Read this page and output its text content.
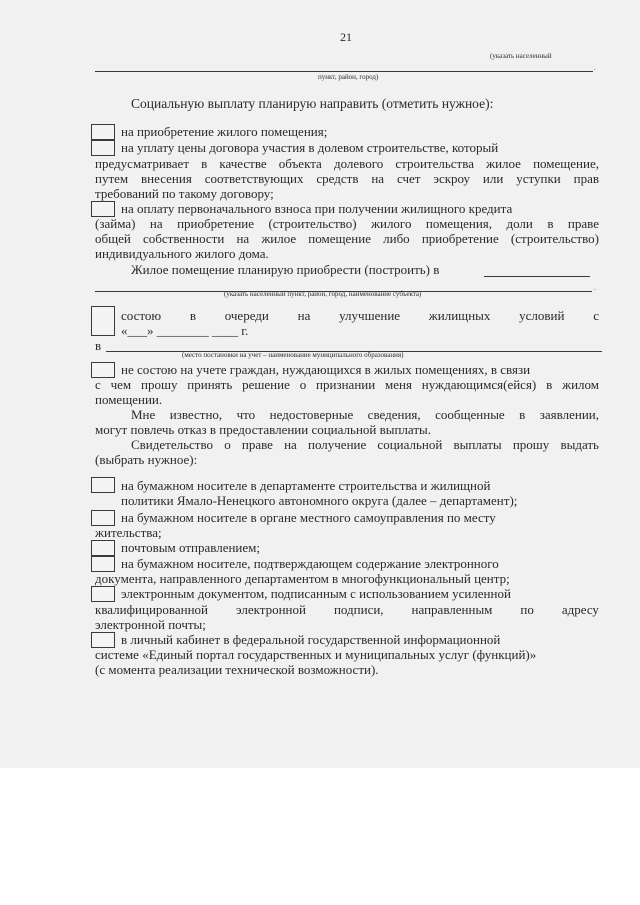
21
(указать населенный
.
пункт, район, город)
Социальную выплату планирую направить (отметить нужное):
на приобретение жилого помещения;
на уплату цены договора участия в долевом строительстве, который
предусматривает в качестве объекта долевого строительства жилое помещение,
путем внесения соответствующих средств на счет эскроу или уступки прав
требований по такому договору;
на оплату первоначального взноса при получении жилищного кредита
(займа) на приобретение (строительство) жилого помещения, доли в праве
общей собственности на жилое помещение либо приобретение (строительство)
индивидуального жилого дома.
Жилое помещение планирую приобрести (построить) в
.
(указать населенный пункт, район, город, наименование субъекта)
состою в очереди на улучшение жилищных условий с
«___» ________ ____ г.
в
(место постановки на учет – наименование муниципального образования)
не состою на учете граждан, нуждающихся в жилых помещениях, в связи
с чем прошу принять решение о признании меня нуждающимся(ейся) в жилом
помещении.
Мне известно, что недостоверные сведения, сообщенные в заявлении,
могут повлечь отказ в предоставлении социальной выплаты.
Свидетельство о праве на получение социальной выплаты прошу выдать
(выбрать нужное):
на бумажном носителе в департаменте строительства и жилищной
политики Ямало-Ненецкого автономного округа (далее – департамент);
на бумажном носителе в органе местного самоуправления по месту
жительства;
почтовым отправлением;
на бумажном носителе, подтверждающем содержание электронного
документа, направленного департаментом в многофункциональный центр;
электронным документом, подписанным с использованием усиленной
квалифицированной электронной подписи, направленным по адресу
электронной почты;
в личный кабинет в федеральной государственной информационной
системе «Единый портал государственных и муниципальных услуг (функций)»
(с момента реализации технической возможности).
